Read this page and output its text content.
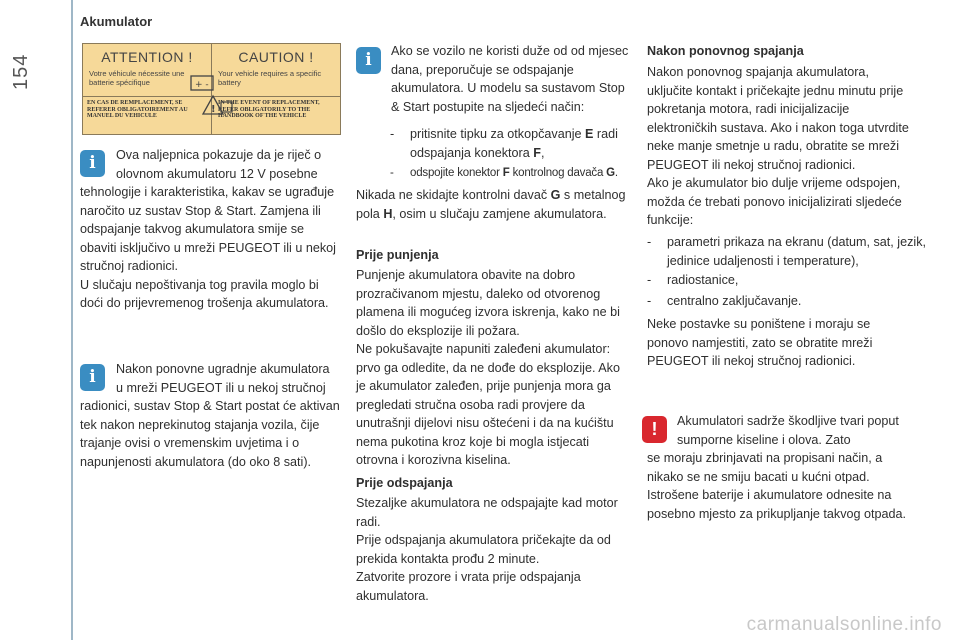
154
Akumulator
ATTENTION !
Votre véhicule nécessite une batterie spécifique
EN CAS DE REMPLACEMENT, SE REFERER OBLIGATOIREMENT AU MANUEL DU VEHICULE
CAUTION !
Your vehicle requires a specific battery
IN THE EVENT OF REPLACEMENT, REFER OBLIGATORILY TO THE HANDBOOK OF THE VEHICLE
+ -
!
i	Ova naljepnica pokazuje da je riječ o olovnom akumulatoru 12 V posebne
tehnologije i karakteristika, kakav se ugrađuje naročito uz sustav Stop & Start. Zamjena ili odspajanje takvog akumulatora smije se obaviti isključivo u mreži PEUGEOT ili u nekoj stručnoj radionici.
U slučaju nepoštivanja tog pravila moglo bi doći do prijevremenog trošenja akumulatora.
i	Nakon ponovne ugradnje akumulatora u mreži PEUGEOT ili u nekoj stručnoj
radionici, sustav Stop & Start postat će aktivan tek nakon neprekinutog stajanja vozila, čije trajanje ovisi o vremenskim uvjetima i o napunjenosti akumulatora (do oko 8 sati).
i	Ako se vozilo ne koristi duže od od mjesec dana, preporučuje se odspajanje akumulatora. U modelu sa sustavom Stop & Start postupite na sljedeći način:
- pritisnite tipku za otkopčavanje E radi odspajanja konektora F,
- odspojite konektor F kontrolnog davača G.
Nikada ne skidajte kontrolni davač G s metalnog pola H, osim u slučaju zamjene akumulatora.
Prije punjenja
Punjenje akumulatora obavite na dobro prozračivanom mjestu, daleko od otvorenog plamena ili mogućeg izvora iskrenja, kako ne bi došlo do eksplozije ili požara.
Ne pokušavajte napuniti zaleđeni akumulator: prvo ga odledite, da ne dođe do eksplozije. Ako je akumulator zaleđen, prije punjenja mora ga pregledati stručna osoba radi provjere da unutrašnji dijelovi nisu oštećeni i da na kućištu nema pukotina kroz koje bi mogla istjecati otrovna i korozivna kiselina.
Prije odspajanja
Stezaljke akumulatora ne odspajajte kad motor radi.
Prije odspajanja akumulatora pričekajte da od prekida kontakta prođu 2 minute.
Zatvorite prozore i vrata prije odspajanja akumulatora.
Nakon ponovnog spajanja
Nakon ponovnog spajanja akumulatora, uključite kontakt i pričekajte jednu minutu prije pokretanja motora, radi inicijalizacije elektroničkih sustava. Ako i nakon toga utvrdite neke manje smetnje u radu, obratite se mreži PEUGEOT ili nekoj stručnoj radionici.
Ako je akumulator bio dulje vrijeme odspojen, možda će trebati ponovo inicijalizirati sljedeće funkcije:
- parametri prikaza na ekranu (datum, sat, jezik, jedinice udaljenosti i temperature),
- radiostanice,
- centralno zaključavanje.
Neke postavke su poništene i moraju se ponovo namjestiti, zato se obratite mreži PEUGEOT ili nekoj stručnoj radionici.
!	Akumulatori sadrže škodljive tvari poput sumporne kiseline i olova. Zato
se moraju zbrinjavati na propisani način, a nikako se ne smiju bacati u kućni otpad.
Istrošene baterije i akumulatore odnesite na posebno mjesto za prikupljanje takvog otpada.
carmanualsonline.info
